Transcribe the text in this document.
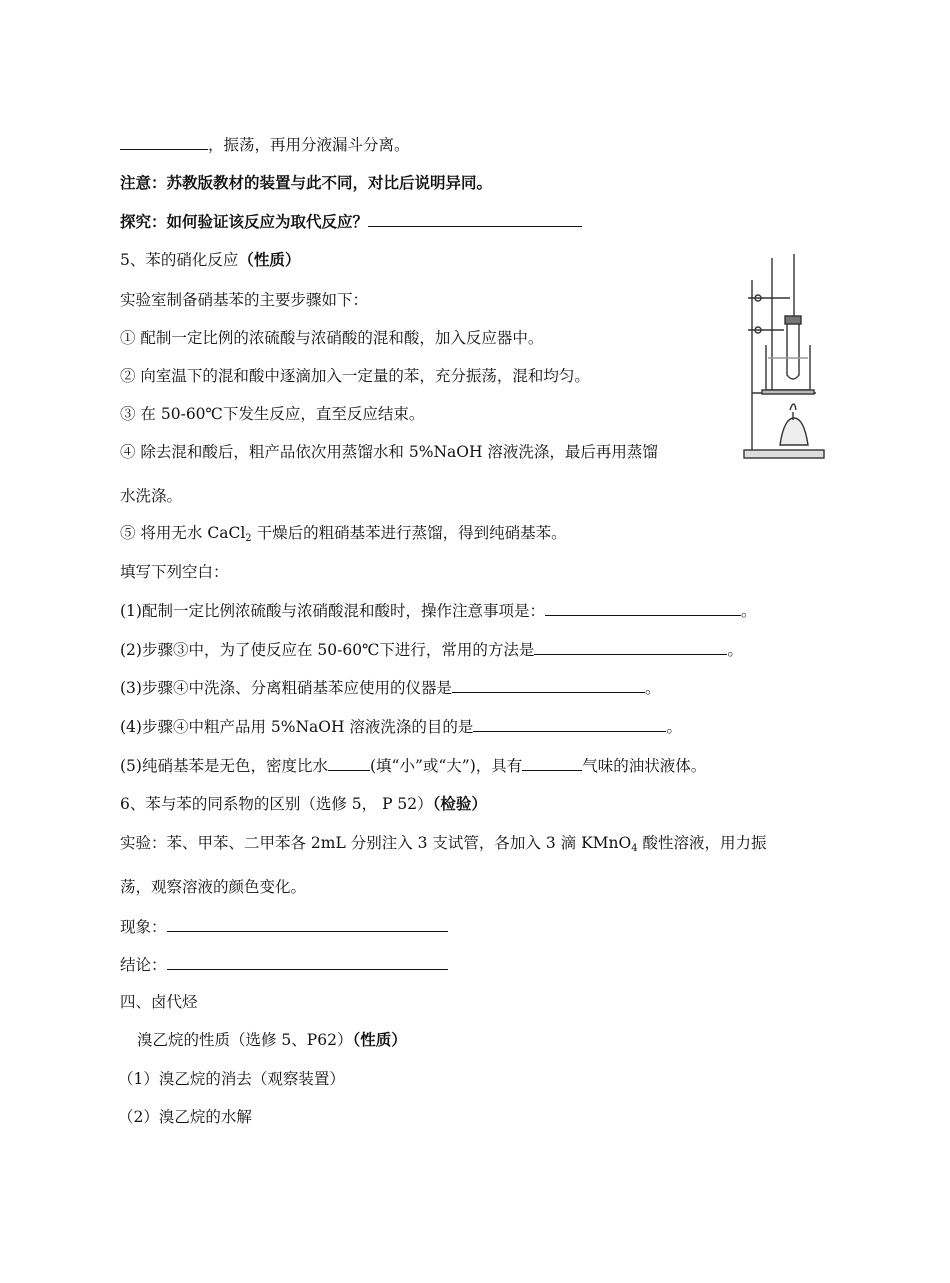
，振荡，再用分液漏斗分离。
注意：苏教版教材的装置与此不同，对比后说明异同。
探究：如何验证该反应为取代反应？
5、苯的硝化反应（性质）
实验室制备硝基苯的主要步骤如下：
① 配制一定比例的浓硫酸与浓硝酸的混和酸，加入反应器中。
② 向室温下的混和酸中逐滴加入一定量的苯，充分振荡，混和均匀。
③ 在 50-60℃下发生反应，直至反应结束。
④ 除去混和酸后，粗产品依次用蒸馏水和 5%NaOH 溶液洗涤，最后再用蒸馏
水洗涤。
⑤ 将用无水 CaCl$_2$ 干燥后的粗硝基苯进行蒸馏，得到纯硝基苯。
填写下列空白：
(1)配制一定比例浓硫酸与浓硝酸混和酸时，操作注意事项是：	。
(2)步骤③中，为了使反应在 50-60℃下进行，常用的方法是	。
(3)步骤④中洗涤、分离粗硝基苯应使用的仪器是	。
(4)步骤④中粗产品用 5%NaOH 溶液洗涤的目的是	。
(5)纯硝基苯是无色，密度比水	(填“小”或“大”)，具有	气味的油状液体。
6、苯与苯的同系物的区别（选修 5， P 52）（检验）
实验：苯、甲苯、二甲苯各 2mL 分别注入 3 支试管，各加入 3 滴 KMnO$_4$ 酸性溶液，用力振
荡，观察溶液的颜色变化。
现象：
结论：
四、卤代烃
溴乙烷的性质（选修 5、P62）（性质）
（1）溴乙烷的消去（观察装置）
（2）溴乙烷的水解
